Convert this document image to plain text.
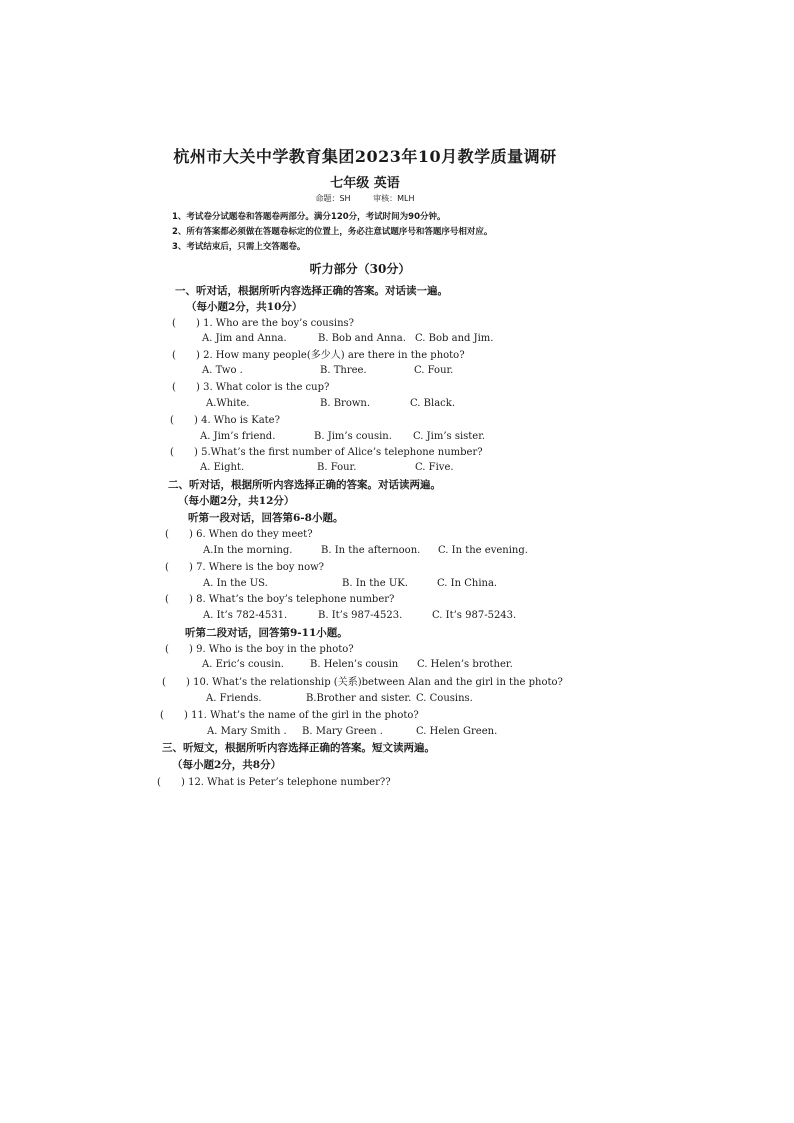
杭州市大关中学教育集团2023年10月教学质量调研
七年级 英语
命题：SH	审核：MLH
1、考试卷分试题卷和答题卷两部分。满分120分，考试时间为90分钟。
2、所有答案都必须做在答题卷标定的位置上，务必注意试题序号和答题序号相对应。
3、考试结束后，只需上交答题卷。
听力部分（30分）
一、听对话，根据所听内容选择正确的答案。对话读一遍。
（每小题2分，共10分）
( ) 1. Who are the boy’s cousins?
A. Jim and Anna.	B. Bob and Anna. C. Bob and Jim.
( ) 2. How many people(多少人) are there in the photo?
A. Two .	B. Three.	C. Four.
( ) 3. What color is the cup?
A.White.	B. Brown.	C. Black.
( ) 4. Who is Kate?
A. Jim’s friend.	B. Jim’s cousin. C. Jim’s sister.
( ) 5.What’s the first number of Alice’s telephone number?
A. Eight.	B. Four.	C. Five.
二、听对话，根据所听内容选择正确的答案。对话读两遍。
（每小题2分，共12分）
听第一段对话，回答第6-8小题。
( ) 6. When do they meet?
A.In the morning.	B. In the afternoon. C. In the evening.
( ) 7. Where is the boy now?
A. In the US.	B. In the UK.	C. In China.
( ) 8. What’s the boy’s telephone number?
A. It’s 782-4531.	B. It’s 987-4523.	C. It’s 987-5243.
听第二段对话，回答第9-11小题。
( ) 9. Who is the boy in the photo?
A. Eric’s cousin.	B. Helen’s cousin C. Helen’s brother.
( ) 10. What’s the relationship (关系)between Alan and the girl in the photo?
A. Friends.	B.Brother and sister. C. Cousins.
( ) 11. What’s the name of the girl in the photo?
A. Mary Smith . B. Mary Green .	C. Helen Green.
三、听短文，根据所听内容选择正确的答案。短文读两遍。
（每小题2分，共8分）
( ) 12. What is Peter’s telephone number??
